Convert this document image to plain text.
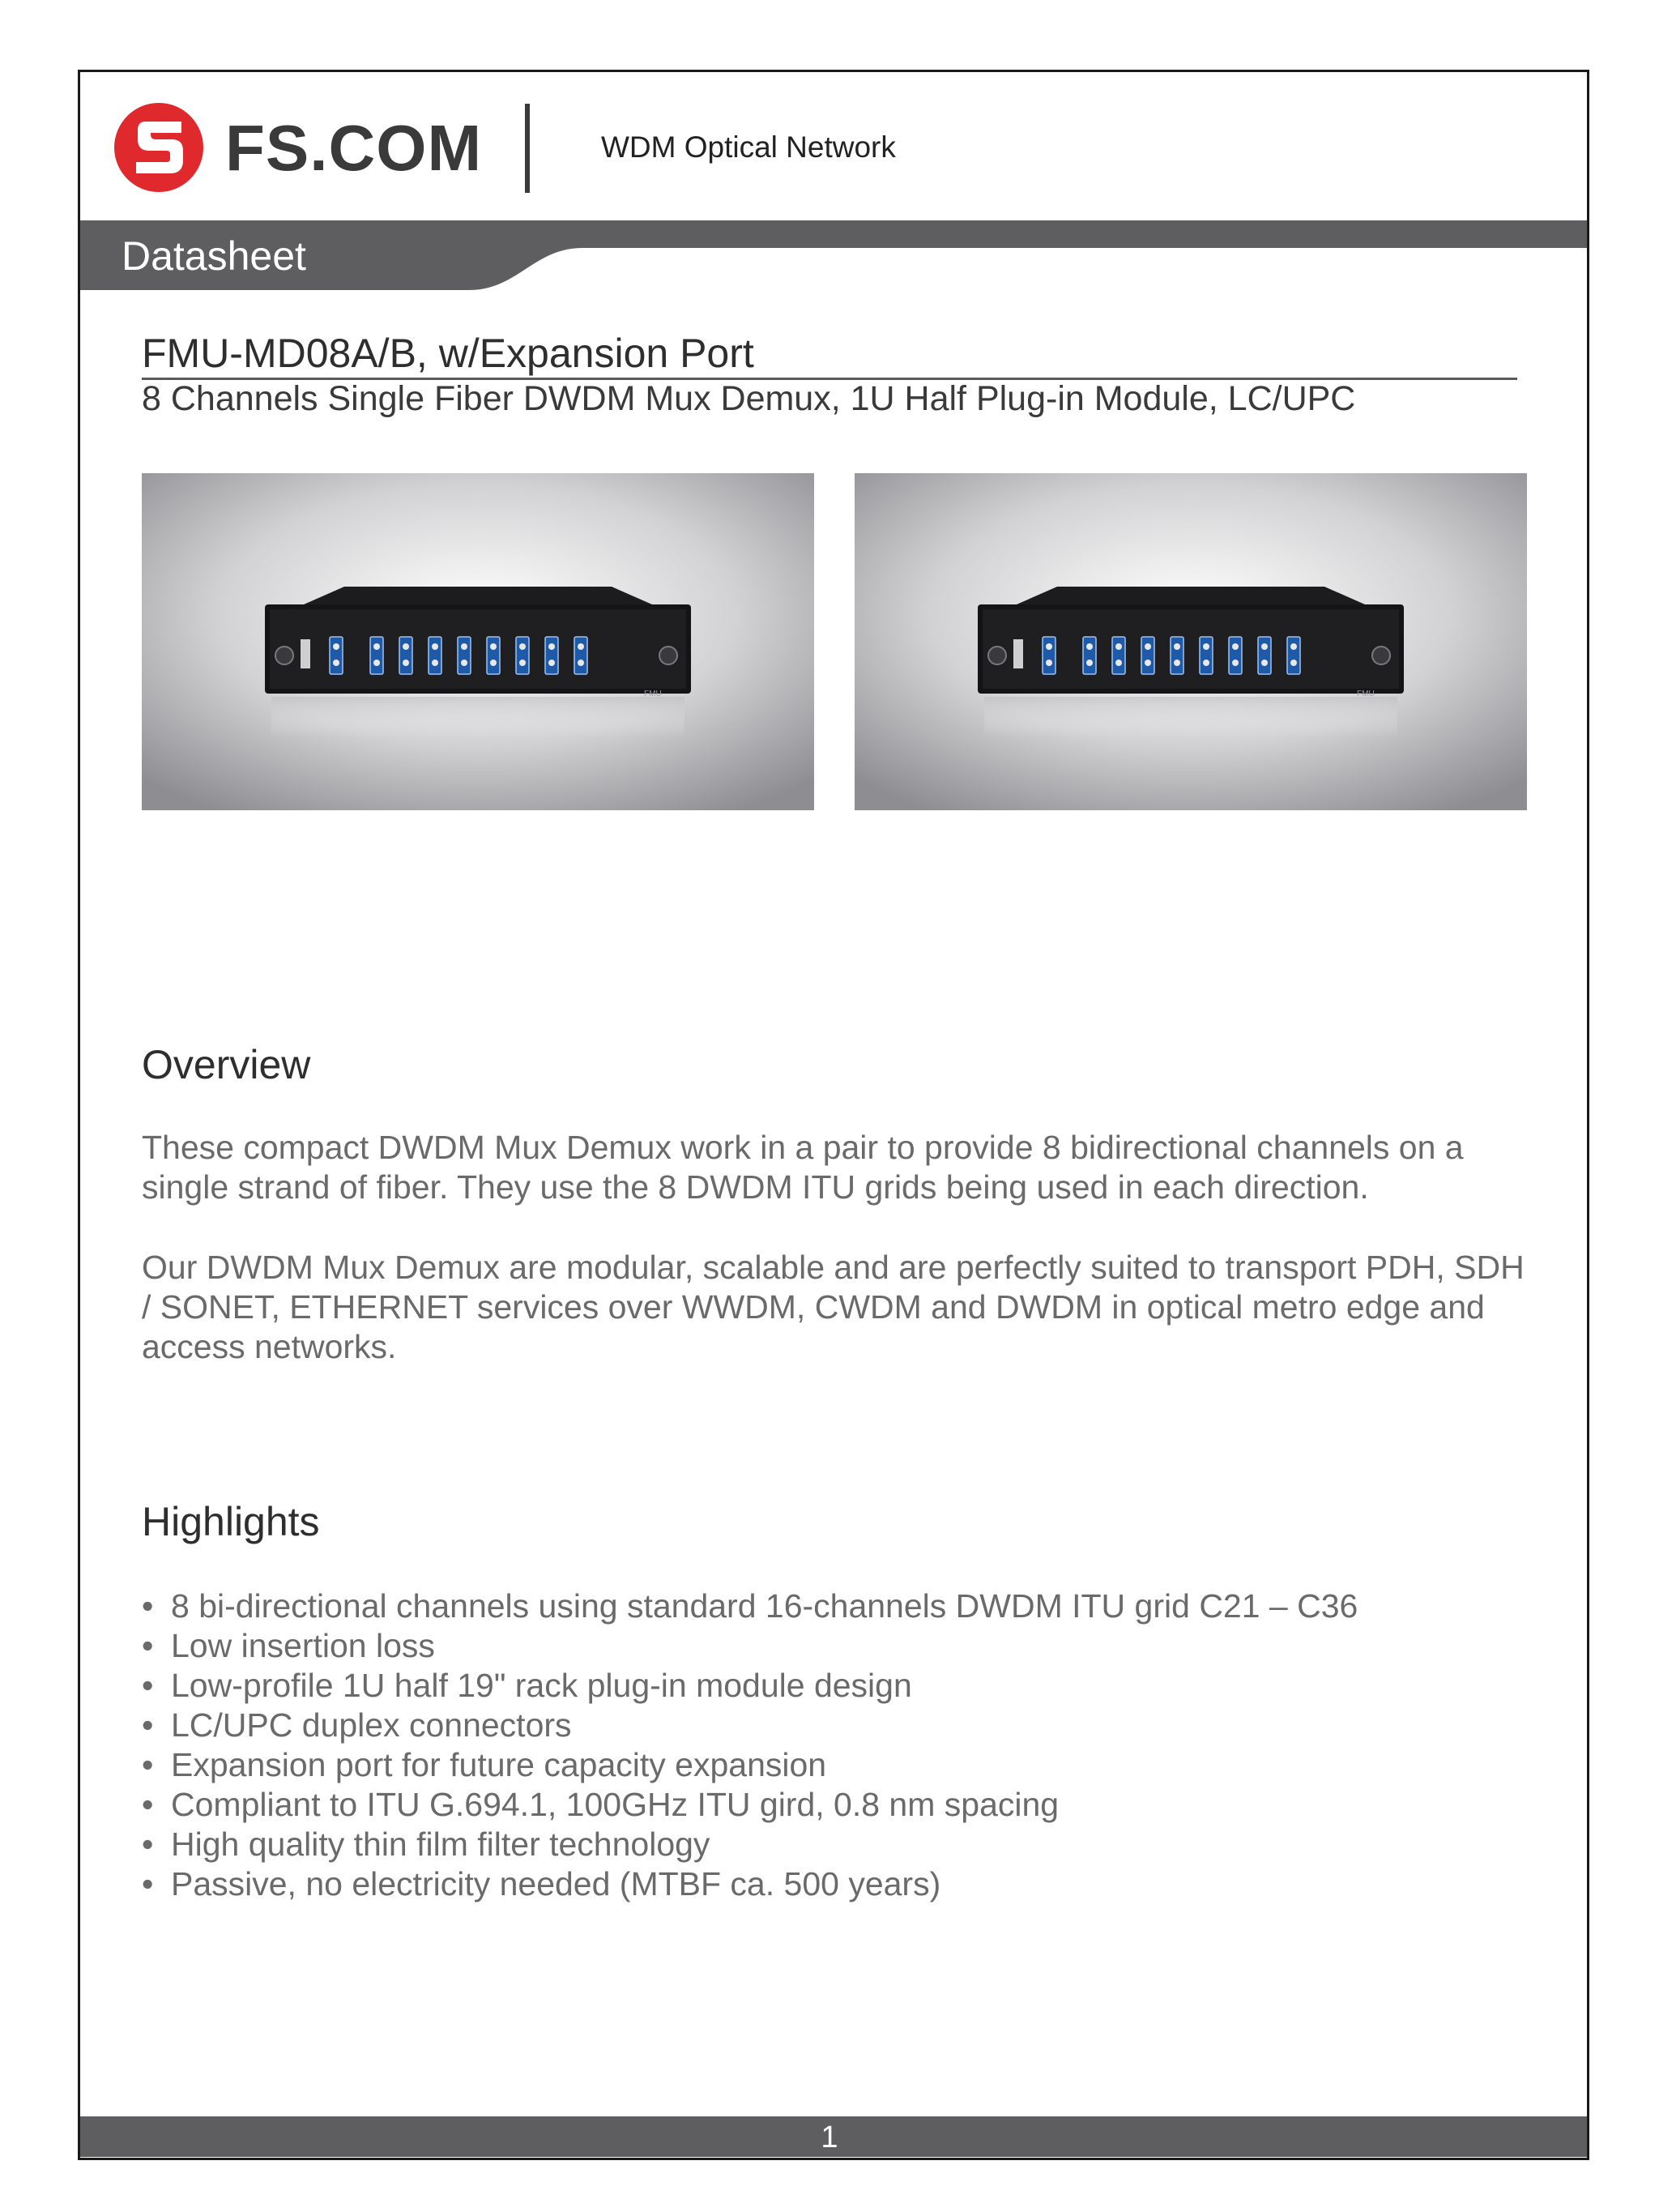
FS.COM	WDM Optical Network
Datasheet
FMU-MD08A/B, w/Expansion Port
8 Channels Single Fiber DWDM Mux Demux, 1U Half Plug-in Module, LC/UPC
FMU	FMU
Overview
These compact DWDM Mux Demux work in a pair to provide 8 bidirectional channels on a single strand of fiber. They use the 8 DWDM ITU grids being used in each direction.
Our DWDM Mux Demux are modular, scalable and are perfectly suited to transport PDH, SDH / SONET, ETHERNET services over WWDM, CWDM and DWDM in optical metro edge and access networks.
Highlights
• 8 bi-directional channels using standard 16-channels DWDM ITU grid C21 – C36
• Low insertion loss
• Low-profile 1U half 19" rack plug-in module design
• LC/UPC duplex connectors
• Expansion port for future capacity expansion
• Compliant to ITU G.694.1, 100GHz ITU gird, 0.8 nm spacing
• High quality thin film filter technology
• Passive, no electricity needed (MTBF ca. 500 years)
1
